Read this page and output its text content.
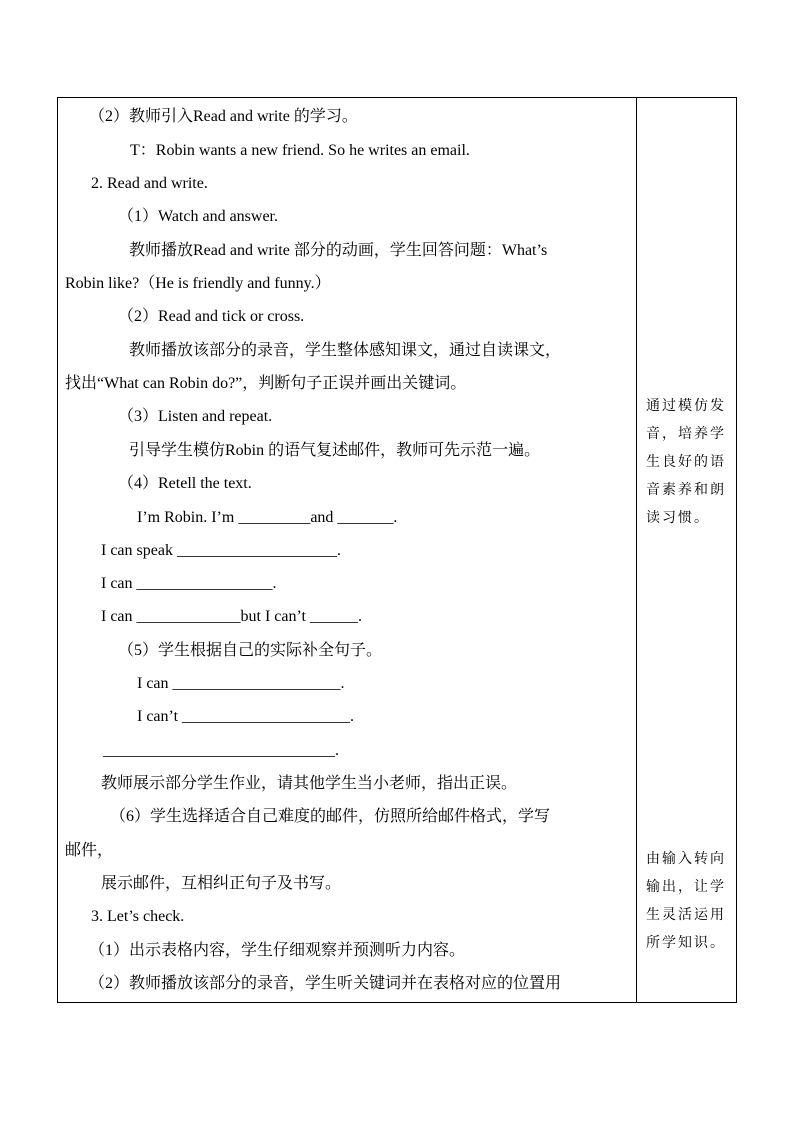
（2）教师引入Read and write 的学习。
T：Robin wants a new friend. So he writes an email.
2. Read and write.
（1）Watch and answer.
教师播放Read and write 部分的动画，学生回答问题：What’s
Robin like?（He is friendly and funny.）
（2）Read and tick or cross.
教师播放该部分的录音，学生整体感知课文，通过自读课文，
找出“What can Robin do?”，判断句子正误并画出关键词。
（3）Listen and repeat.
引导学生模仿Robin 的语气复述邮件，教师可先示范一遍。
（4）Retell the text.
I’m Robin. I’m _________and _______.
I can speak ____________________.
I can _________________.
I can _____________but I can’t ______.
（5）学生根据自己的实际补全句子。
I can _____________________.
I can’t _____________________.
_____________________________.
教师展示部分学生作业，请其他学生当小老师，指出正误。
（6）学生选择适合自己难度的邮件，仿照所给邮件格式，学写
邮件，
展示邮件，互相纠正句子及书写。
3. Let’s check.
（1）出示表格内容，学生仔细观察并预测听力内容。
（2）教师播放该部分的录音，学生听关键词并在表格对应的位置用
通过模仿发
音，培养学
生良好的语
音素养和朗
读习惯。
由输入转向
输出，让学
生灵活运用
所学知识。
